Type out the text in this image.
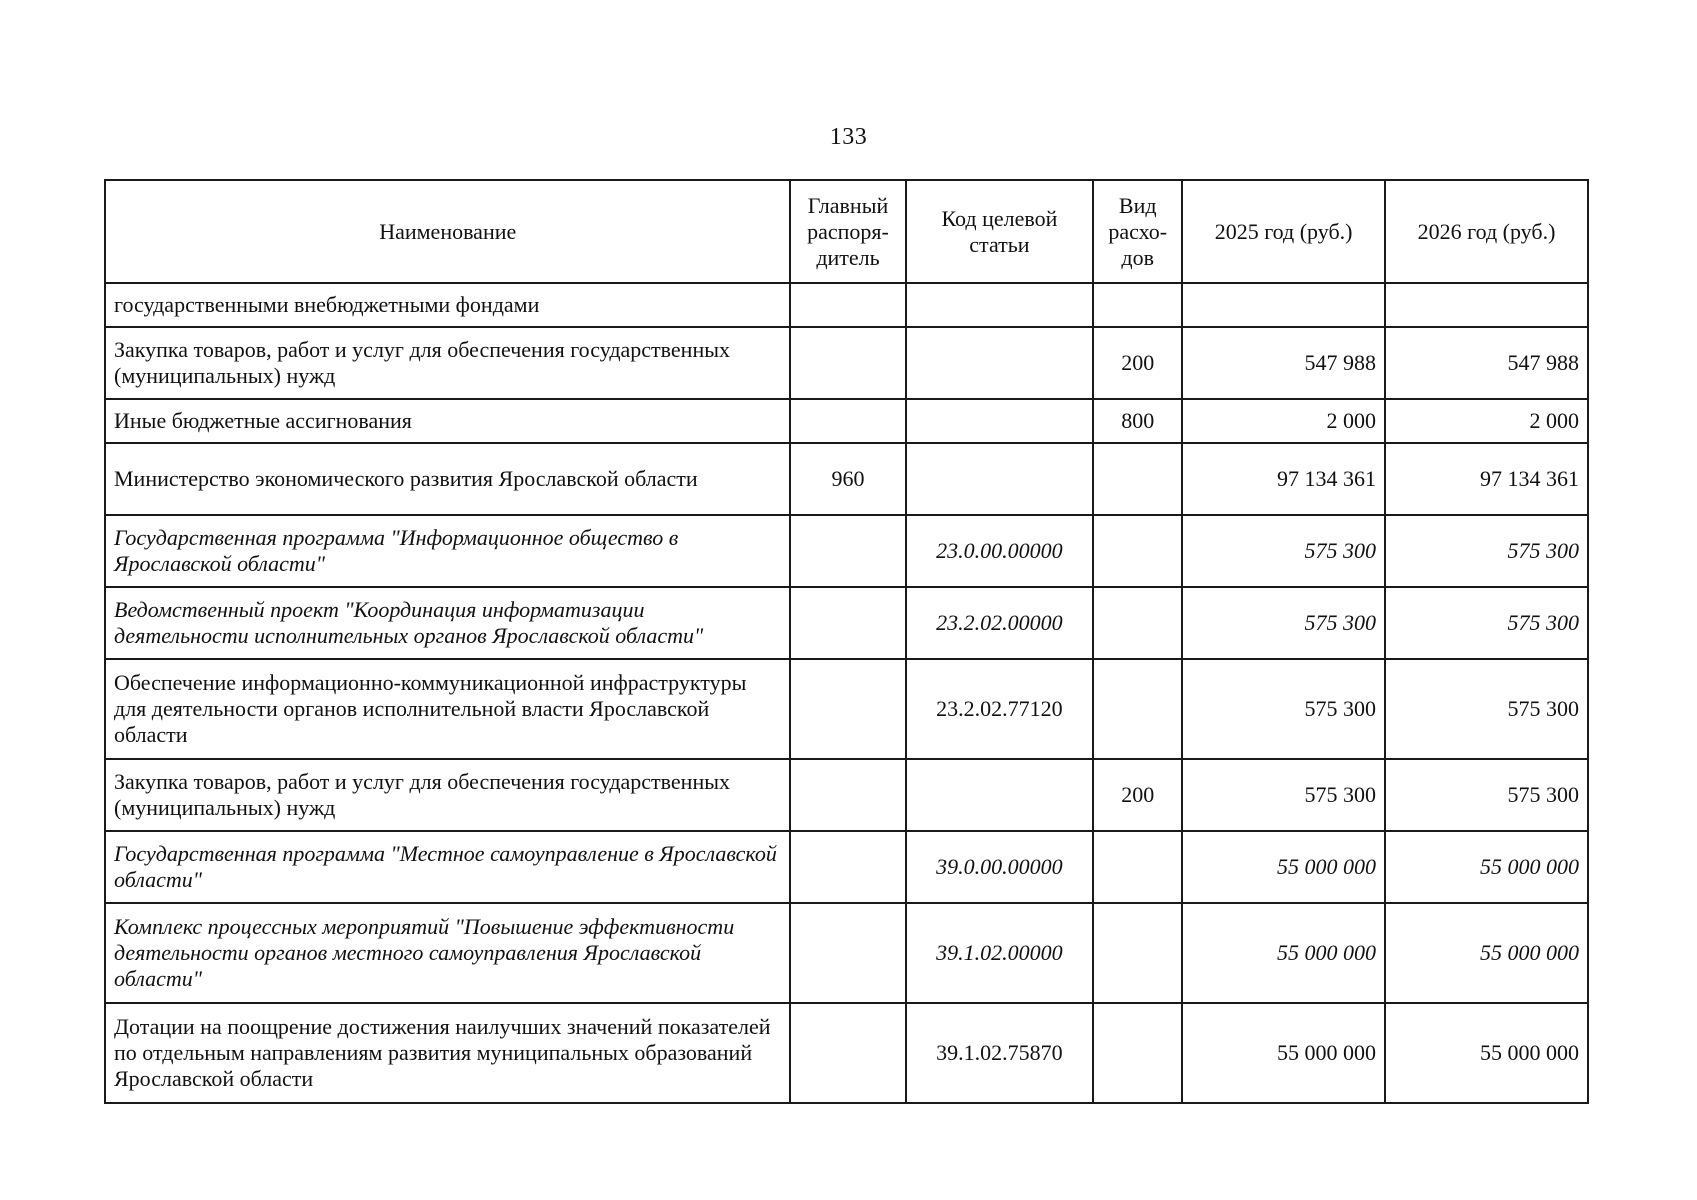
133
Наименование	Главный распоря-дитель	Код целевой статьи	Вид расхо-дов	2025 год (руб.)	2026 год (руб.)
государственными внебюджетными фондами					
Закупка товаров, работ и услуг для обеспечения государственных (муниципальных) нужд			200	547 988	547 988
Иные бюджетные ассигнования			800	2 000	2 000
Министерство экономического развития Ярославской области	960			97 134 361	97 134 361
Государственная программа "Информационное общество в Ярославской области"		23.0.00.00000		575 300	575 300
Ведомственный проект "Координация информатизации деятельности исполнительных органов Ярославской области"		23.2.02.00000		575 300	575 300
Обеспечение информационно-коммуникационной инфраструктуры для деятельности органов исполнительной власти Ярославской области		23.2.02.77120		575 300	575 300
Закупка товаров, работ и услуг для обеспечения государственных (муниципальных) нужд			200	575 300	575 300
Государственная программа "Местное самоуправление в Ярославской области"		39.0.00.00000		55 000 000	55 000 000
Комплекс процессных мероприятий "Повышение эффективности деятельности органов местного самоуправления Ярославской области"		39.1.02.00000		55 000 000	55 000 000
Дотации на поощрение достижения наилучших значений показателей по отдельным направлениям развития муниципальных образований Ярославской области		39.1.02.75870		55 000 000	55 000 000
